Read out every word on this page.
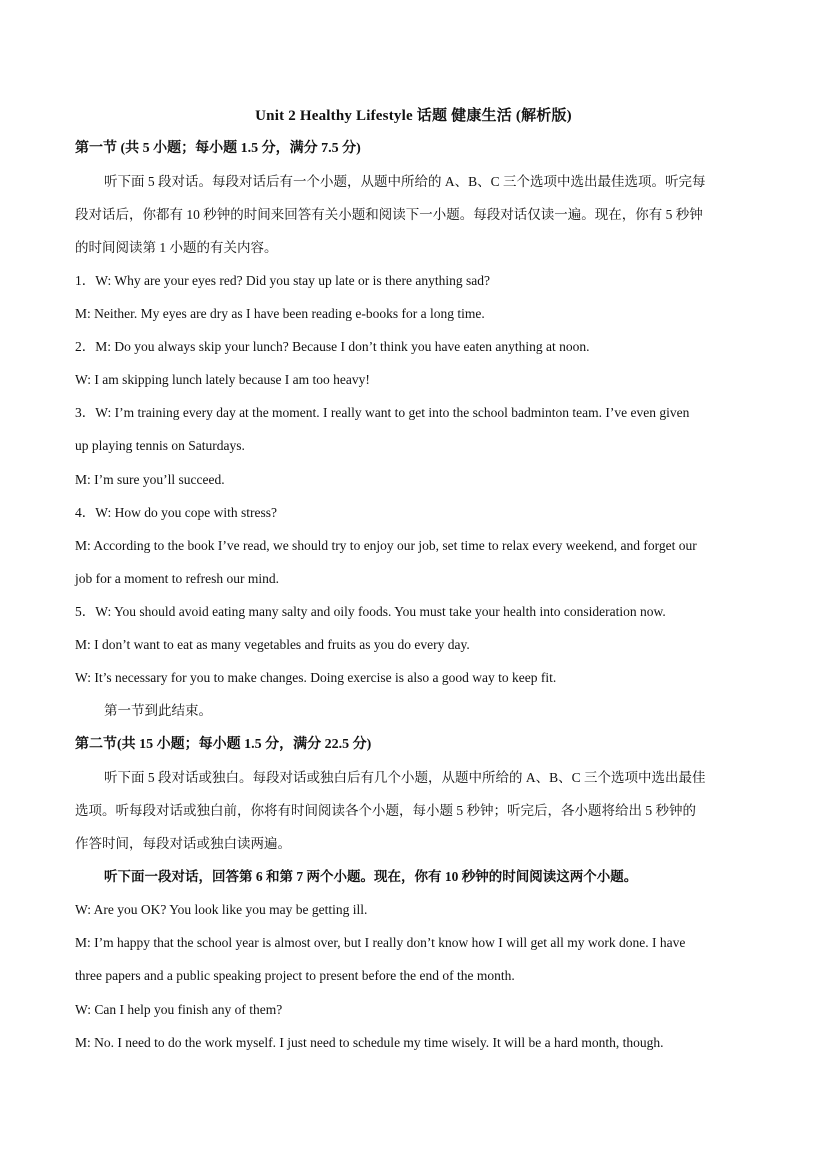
Unit 2 Healthy Lifestyle 话题 健康生活 (解析版)
第一节 (共 5 小题；每小题 1.5 分，满分 7.5 分)
听下面 5 段对话。每段对话后有一个小题，从题中所给的 A、B、C 三个选项中选出最佳选项。听完每
段对话后，你都有 10 秒钟的时间来回答有关小题和阅读下一小题。每段对话仅读一遍。现在，你有 5 秒钟
的时间阅读第 1 小题的有关内容。
1．W: Why are your eyes red? Did you stay up late or is there anything sad?
M: Neither. My eyes are dry as I have been reading e-books for a long time.
2．M: Do you always skip your lunch? Because I don’t think you have eaten anything at noon.
W: I am skipping lunch lately because I am too heavy!
3．W: I’m training every day at the moment. I really want to get into the school badminton team. I’ve even given
up playing tennis on Saturdays.
M: I’m sure you’ll succeed.
4．W: How do you cope with stress?
M: According to the book I’ve read, we should try to enjoy our job, set time to relax every weekend, and forget our
job for a moment to refresh our mind.
5．W: You should avoid eating many salty and oily foods. You must take your health into consideration now.
M: I don’t want to eat as many vegetables and fruits as you do every day.
W: It’s necessary for you to make changes. Doing exercise is also a good way to keep fit.
第一节到此结束。
第二节(共 15 小题；每小题 1.5 分，满分 22.5 分)
听下面 5 段对话或独白。每段对话或独白后有几个小题，从题中所给的 A、B、C 三个选项中选出最佳
选项。听每段对话或独白前，你将有时间阅读各个小题，每小题 5 秒钟；听完后，各小题将给出 5 秒钟的
作答时间，每段对话或独白读两遍。
听下面一段对话，回答第 6 和第 7 两个小题。现在，你有 10 秒钟的时间阅读这两个小题。
W: Are you OK? You look like you may be getting ill.
M: I’m happy that the school year is almost over, but I really don’t know how I will get all my work done. I have
three papers and a public speaking project to present before the end of the month.
W: Can I help you finish any of them?
M: No. I need to do the work myself. I just need to schedule my time wisely. It will be a hard month, though.
